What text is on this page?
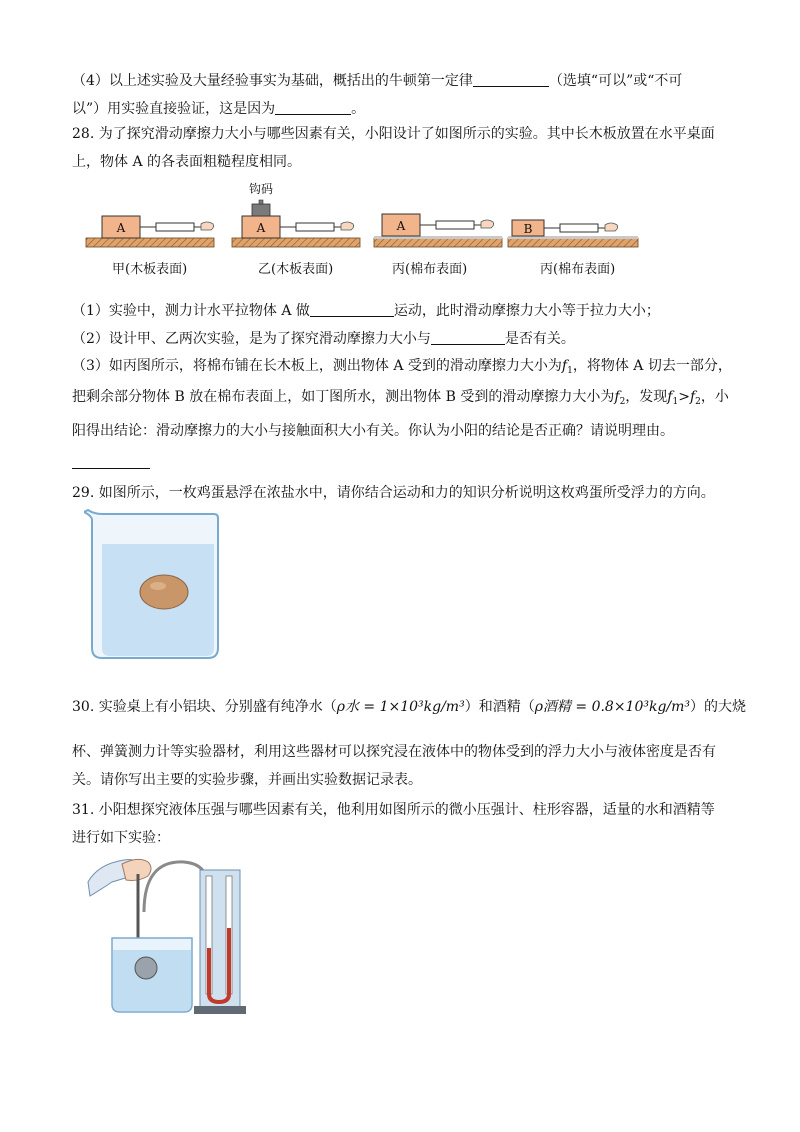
（4）以上述实验及大量经验事实为基础，概括出的牛顿第一定律	（选填“可以”或“不可
以”）用实验直接验证，这是因为	。
28. 为了探究滑动摩擦力大小与哪些因素有关，小阳设计了如图所示的实验。其中长木板放置在水平桌面
上，物体 A 的各表面粗糙程度相同。
A	A
钩码
A	B
甲(木板表面)	乙(木板表面)	丙(棉布表面)	丙(棉布表面)
（1）实验中，测力计水平拉物体 A 做	运动，此时滑动摩擦力大小等于拉力大小；
（2）设计甲、乙两次实验，是为了探究滑动摩擦力大小与	是否有关。
（3）如丙图所示，将棉布铺在长木板上，测出物体 A 受到的滑动摩擦力大小为$f_1$，将物体 A 切去一部分，
把剩余部分物体 B 放在棉布表面上，如丁图所水，测出物体 B 受到的滑动摩擦力大小为$f_2$，发现$f_1>f_2$，小
阳得出结论：滑动摩擦力的大小与接触面积大小有关。你认为小阳的结论是否正确？请说明理由。
29. 如图所示，一枚鸡蛋悬浮在浓盐水中，请你结合运动和力的知识分析说明这枚鸡蛋所受浮力的方向。
30. 实验桌上有小铝块、分别盛有纯净水（ρ水 = 1×10³kg/m³）和酒精（ρ酒精 = 0.8×10³kg/m³）的大烧
杯、弹簧测力计等实验器材，利用这些器材可以探究浸在液体中的物体受到的浮力大小与液体密度是否有
关。请你写出主要的实验步骤，并画出实验数据记录表。
31. 小阳想探究液体压强与哪些因素有关，他利用如图所示的微小压强计、柱形容器，适量的水和酒精等
进行如下实验：
